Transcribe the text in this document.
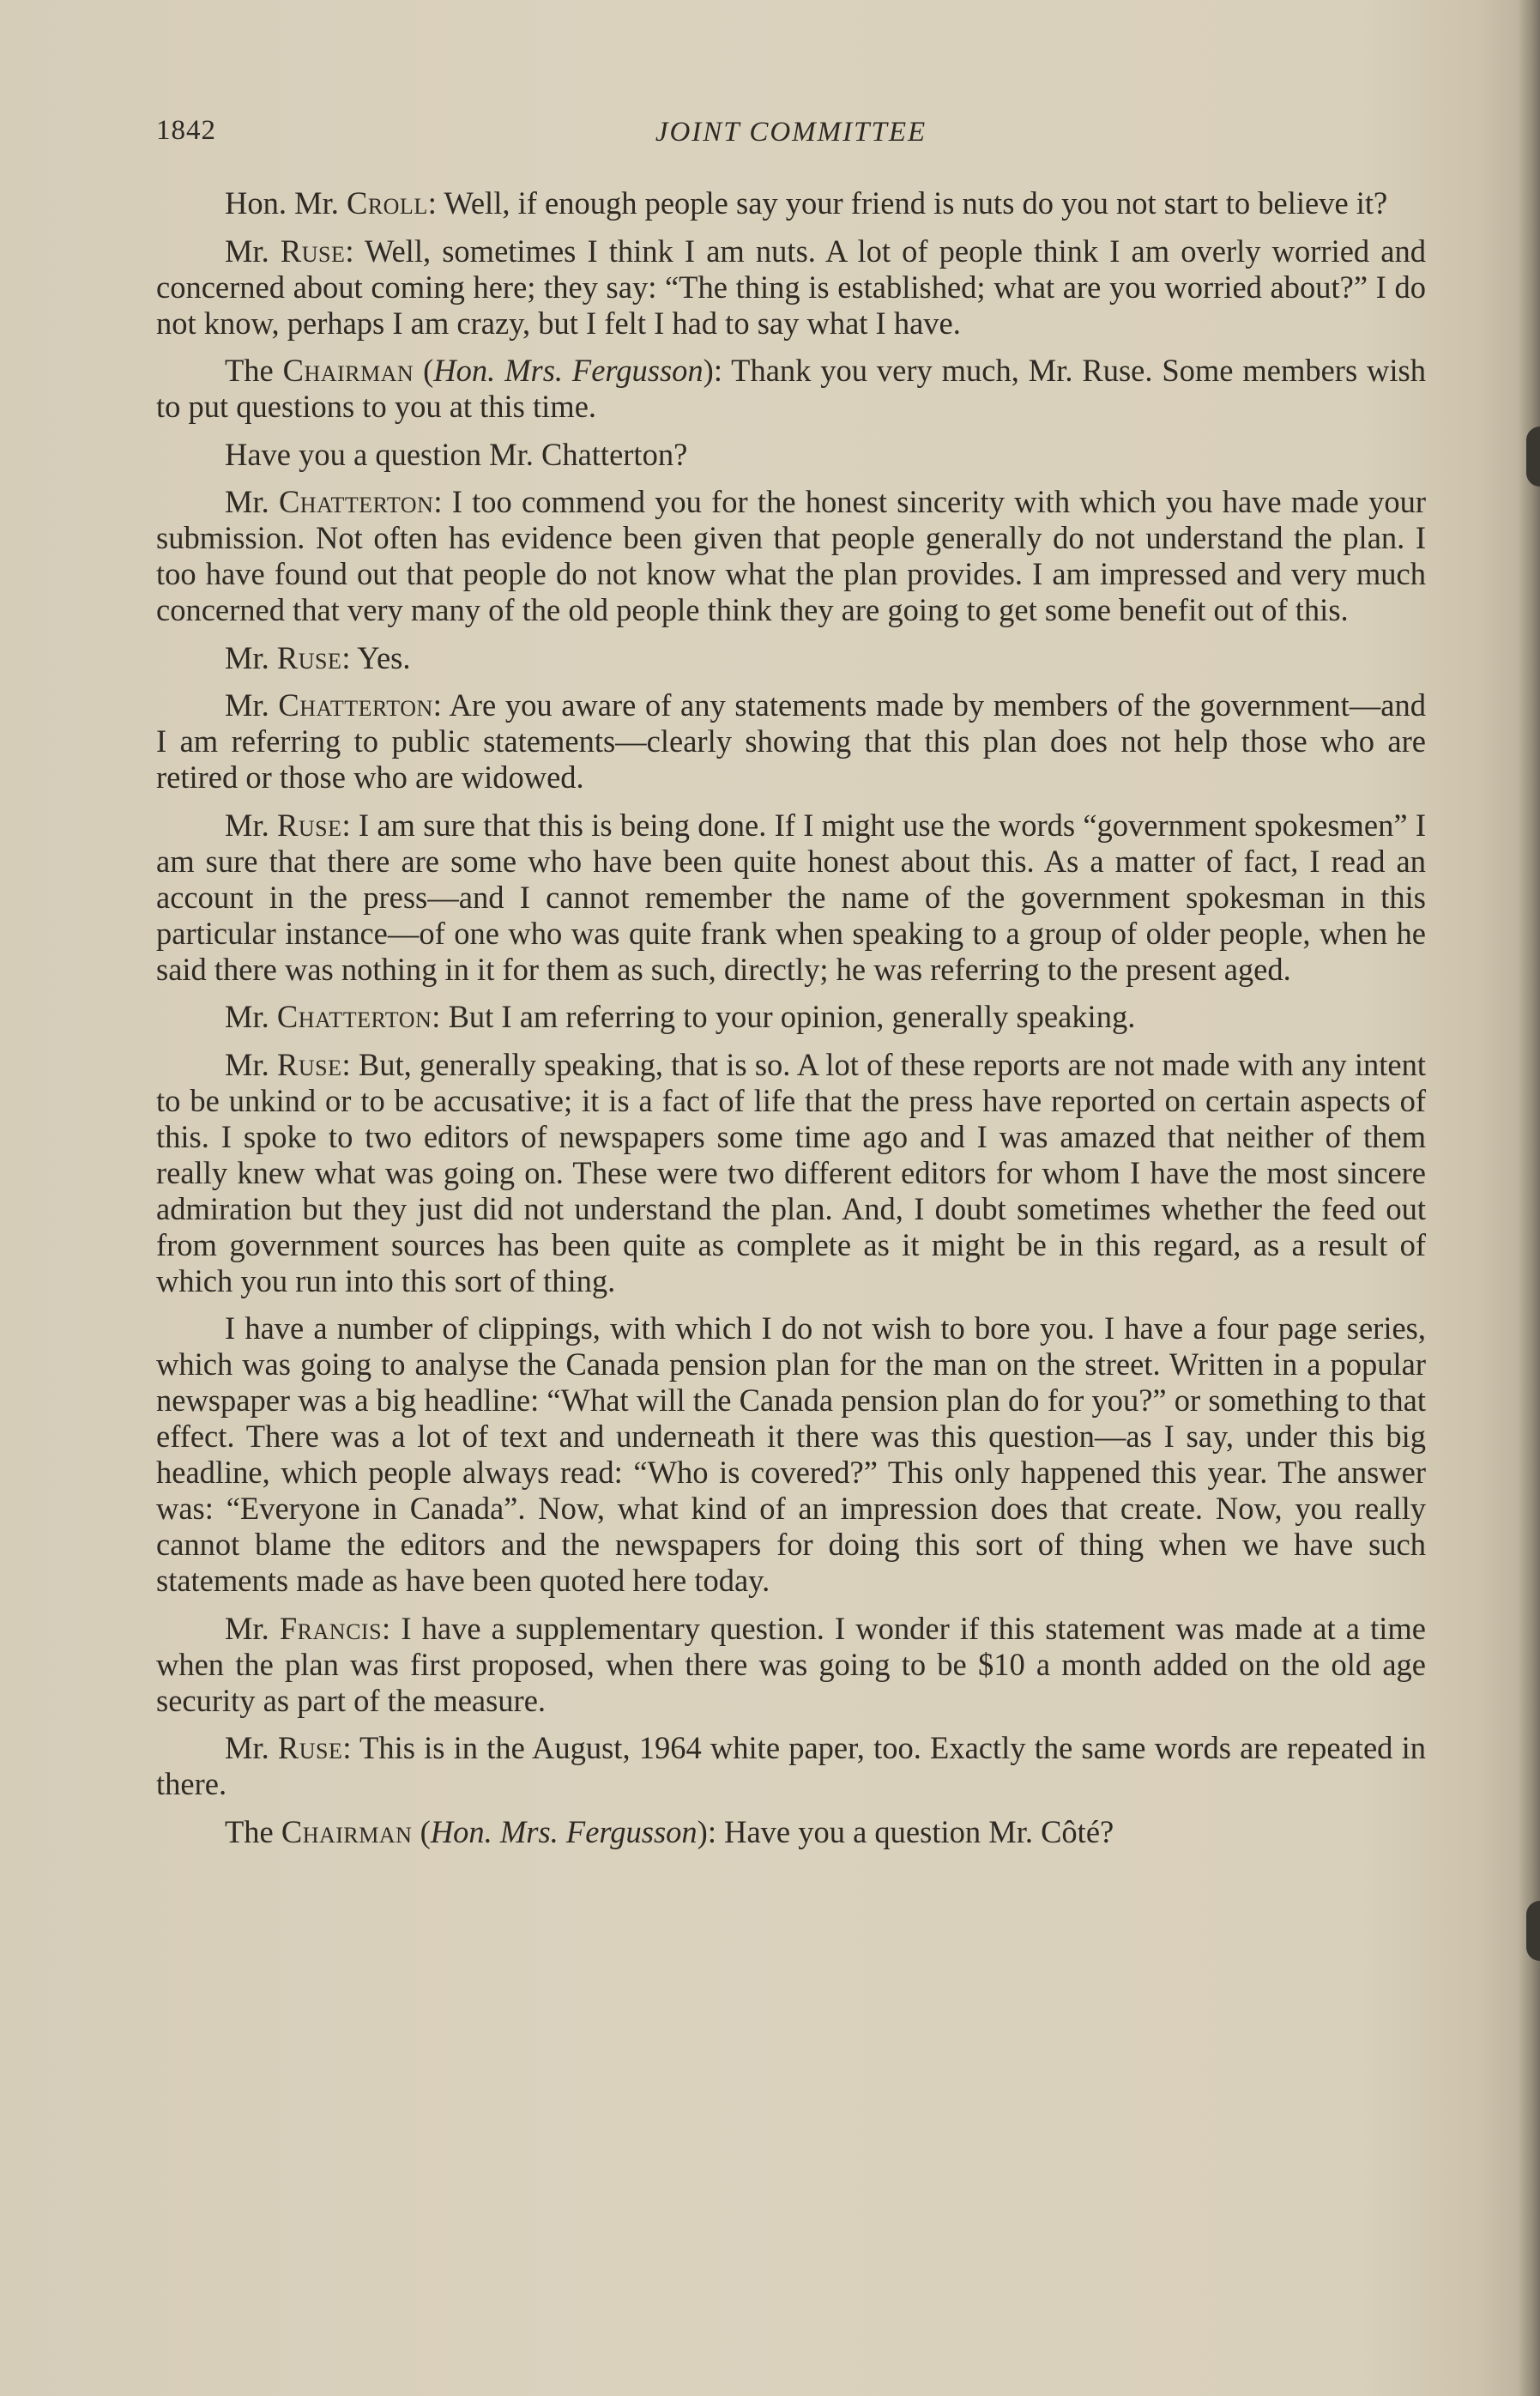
1842	JOINT COMMITTEE

Hon. Mr. Croll: Well, if enough people say your friend is nuts do you not start to believe it?

Mr. Ruse: Well, sometimes I think I am nuts. A lot of people think I am overly worried and concerned about coming here; they say: “The thing is established; what are you worried about?” I do not know, perhaps I am crazy, but I felt I had to say what I have.

The Chairman (Hon. Mrs. Fergusson): Thank you very much, Mr. Ruse. Some members wish to put questions to you at this time.

Have you a question Mr. Chatterton?

Mr. Chatterton: I too commend you for the honest sincerity with which you have made your submission. Not often has evidence been given that people generally do not understand the plan. I too have found out that people do not know what the plan provides. I am impressed and very much concerned that very many of the old people think they are going to get some benefit out of this.

Mr. Ruse: Yes.

Mr. Chatterton: Are you aware of any statements made by members of the government—and I am referring to public statements—clearly showing that this plan does not help those who are retired or those who are widowed.

Mr. Ruse: I am sure that this is being done. If I might use the words “government spokesmen” I am sure that there are some who have been quite honest about this. As a matter of fact, I read an account in the press—and I cannot remember the name of the government spokesman in this particular instance—of one who was quite frank when speaking to a group of older people, when he said there was nothing in it for them as such, directly; he was referring to the present aged.

Mr. Chatterton: But I am referring to your opinion, generally speaking.

Mr. Ruse: But, generally speaking, that is so. A lot of these reports are not made with any intent to be unkind or to be accusative; it is a fact of life that the press have reported on certain aspects of this. I spoke to two editors of newspapers some time ago and I was amazed that neither of them really knew what was going on. These were two different editors for whom I have the most sincere admiration but they just did not understand the plan. And, I doubt sometimes whether the feed out from government sources has been quite as complete as it might be in this regard, as a result of which you run into this sort of thing.

I have a number of clippings, with which I do not wish to bore you. I have a four page series, which was going to analyse the Canada pension plan for the man on the street. Written in a popular newspaper was a big headline: “What will the Canada pension plan do for you?” or something to that effect. There was a lot of text and underneath it there was this question—as I say, under this big headline, which people always read: “Who is covered?” This only happened this year. The answer was: “Everyone in Canada”. Now, what kind of an impression does that create. Now, you really cannot blame the editors and the newspapers for doing this sort of thing when we have such statements made as have been quoted here today.

Mr. Francis: I have a supplementary question. I wonder if this statement was made at a time when the plan was first proposed, when there was going to be $10 a month added on the old age security as part of the measure.

Mr. Ruse: This is in the August, 1964 white paper, too. Exactly the same words are repeated in there.

The Chairman (Hon. Mrs. Fergusson): Have you a question Mr. Côté?
